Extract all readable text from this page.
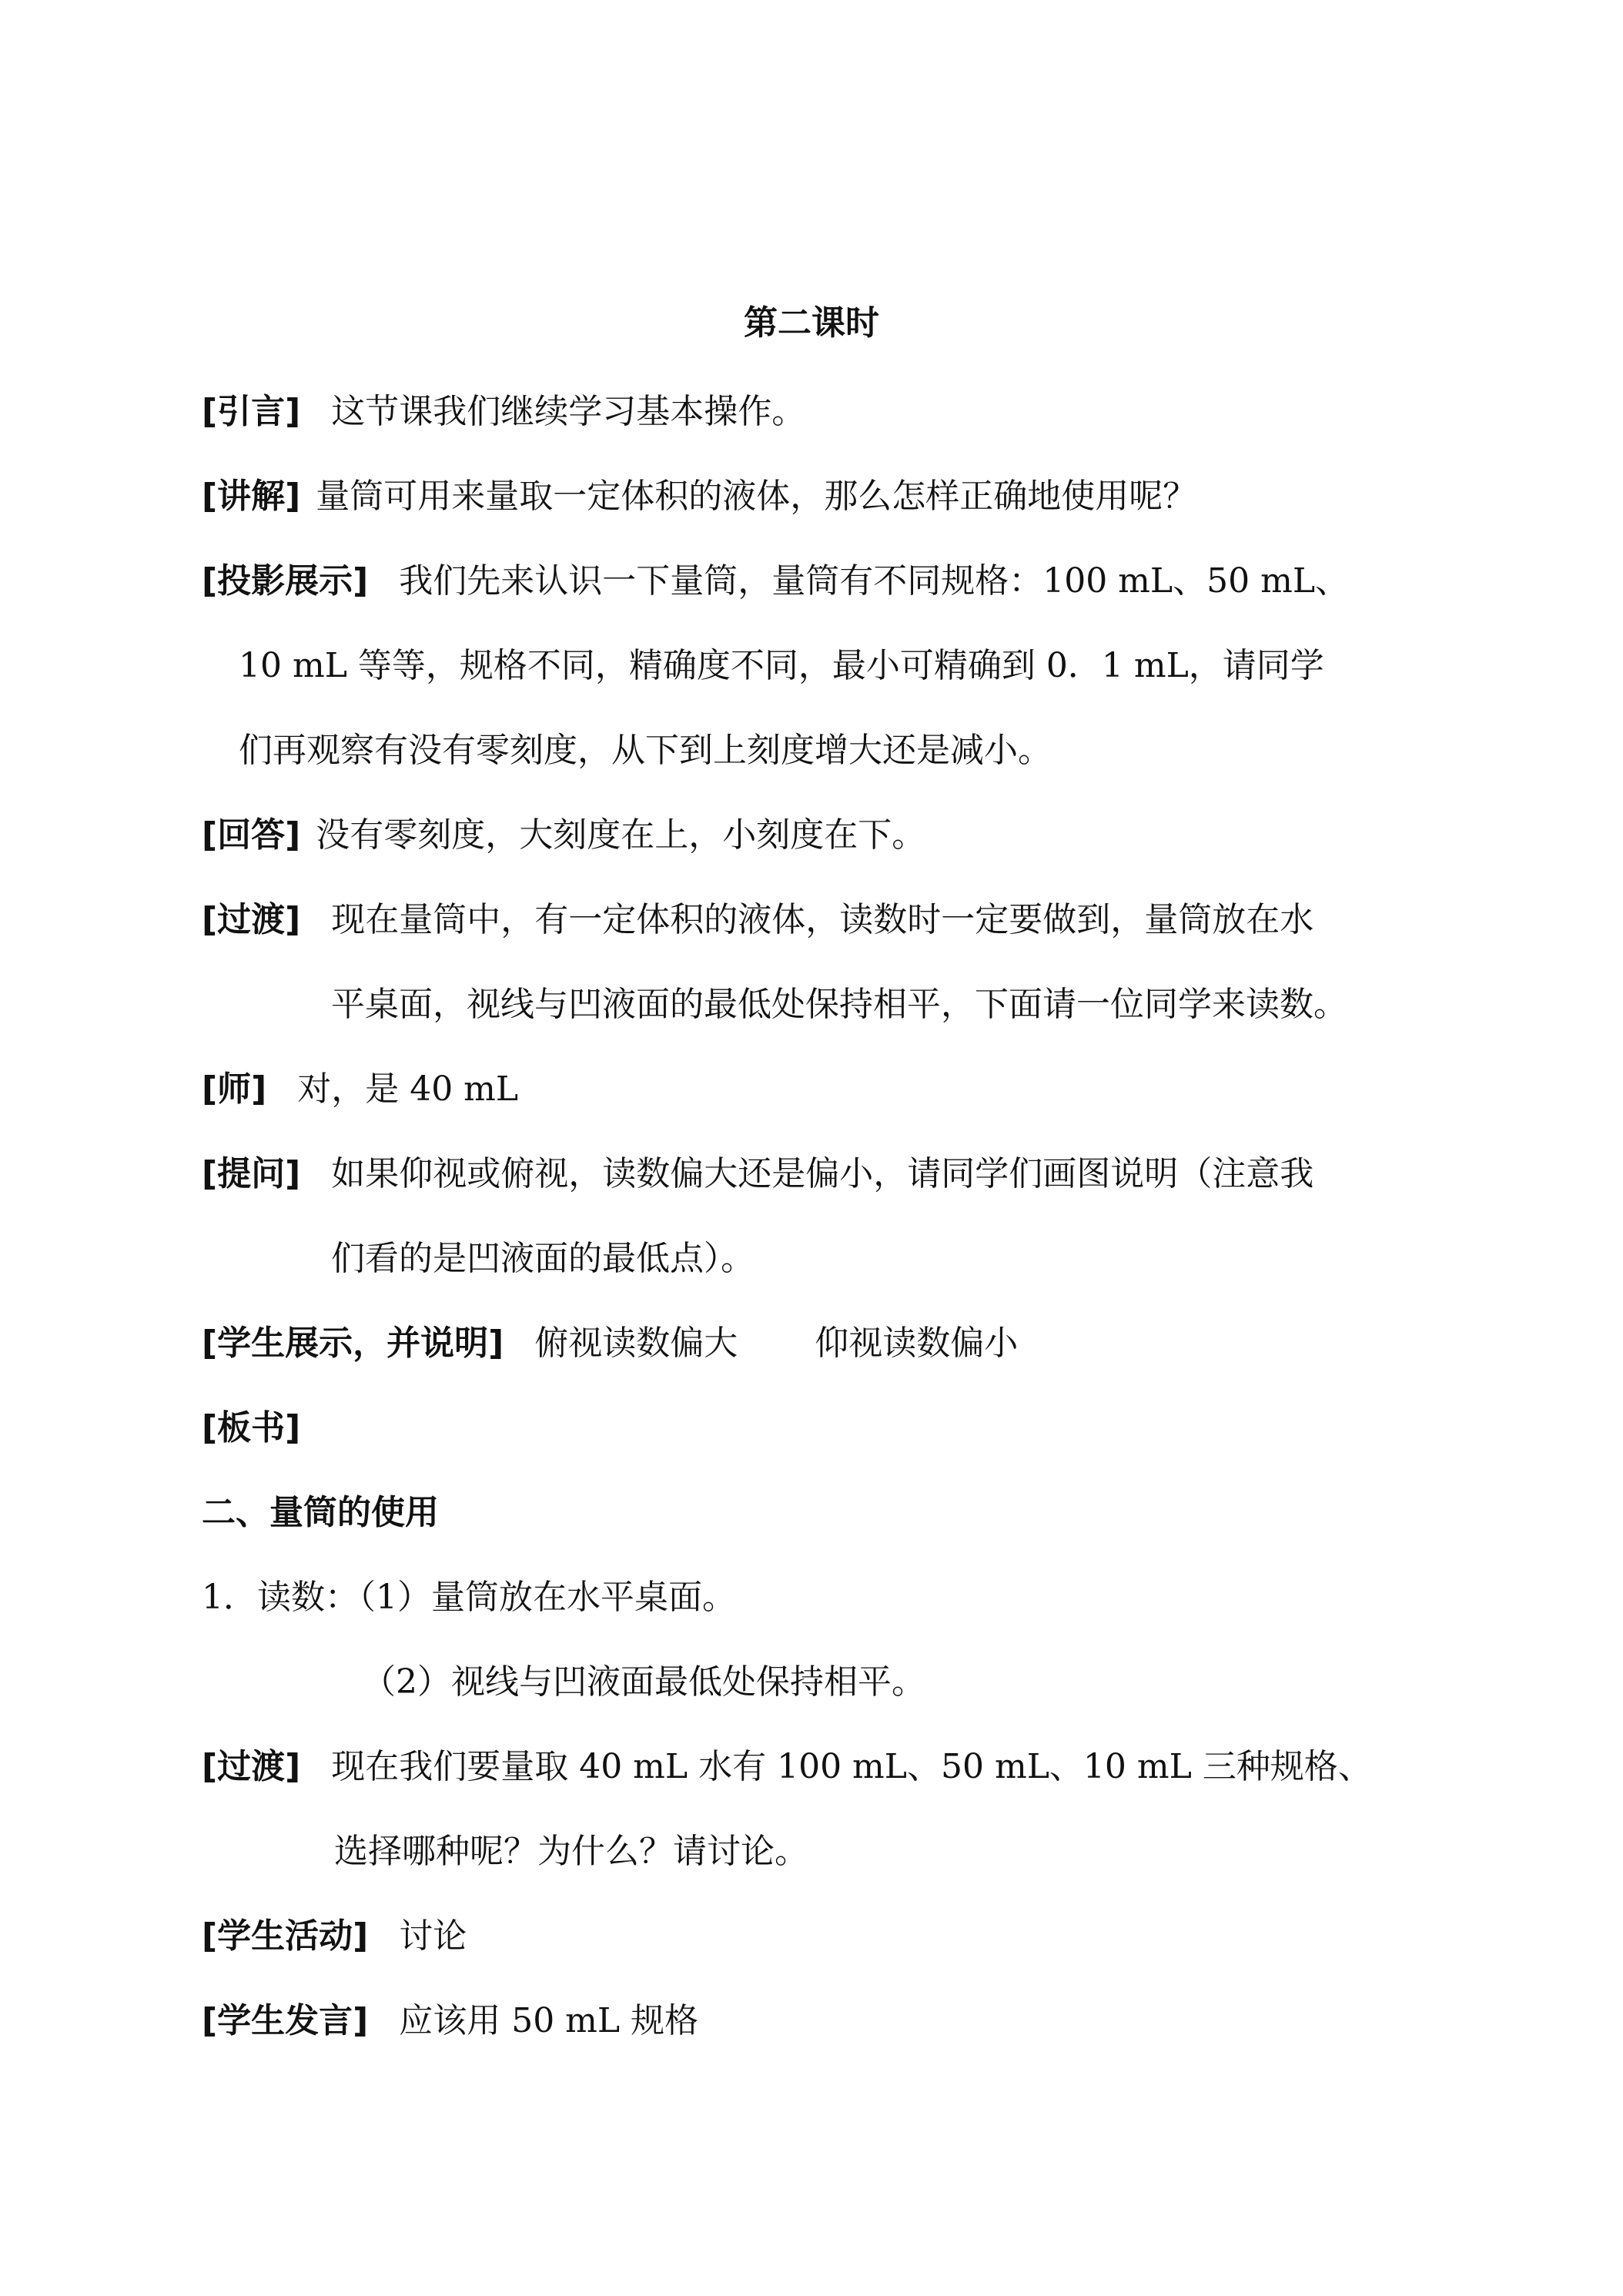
第二课时
[引言] 这节课我们继续学习基本操作。
[讲解] 量筒可用来量取一定体积的液体，那么怎样正确地使用呢？
[投影展示] 我们先来认识一下量筒，量筒有不同规格：100 mL、50 mL、
10 mL 等等，规格不同，精确度不同，最小可精确到 0．1 mL，请同学
们再观察有没有零刻度，从下到上刻度增大还是减小。
[回答] 没有零刻度，大刻度在上，小刻度在下。
[过渡] 现在量筒中，有一定体积的液体，读数时一定要做到，量筒放在水
平桌面，视线与凹液面的最低处保持相平，下面请一位同学来读数。
[师] 对，是 40 mL
[提问] 如果仰视或俯视，读数偏大还是偏小，请同学们画图说明（注意我
们看的是凹液面的最低点）。
[学生展示，并说明] 俯视读数偏大 仰视读数偏小
[板书]
二、量筒的使用
1．读数：（1）量筒放在水平桌面。
（2）视线与凹液面最低处保持相平。
[过渡] 现在我们要量取 40 mL 水有 100 mL、50 mL、10 mL 三种规格、
选择哪种呢？为什么？请讨论。
[学生活动] 讨论
[学生发言] 应该用 50 mL 规格
